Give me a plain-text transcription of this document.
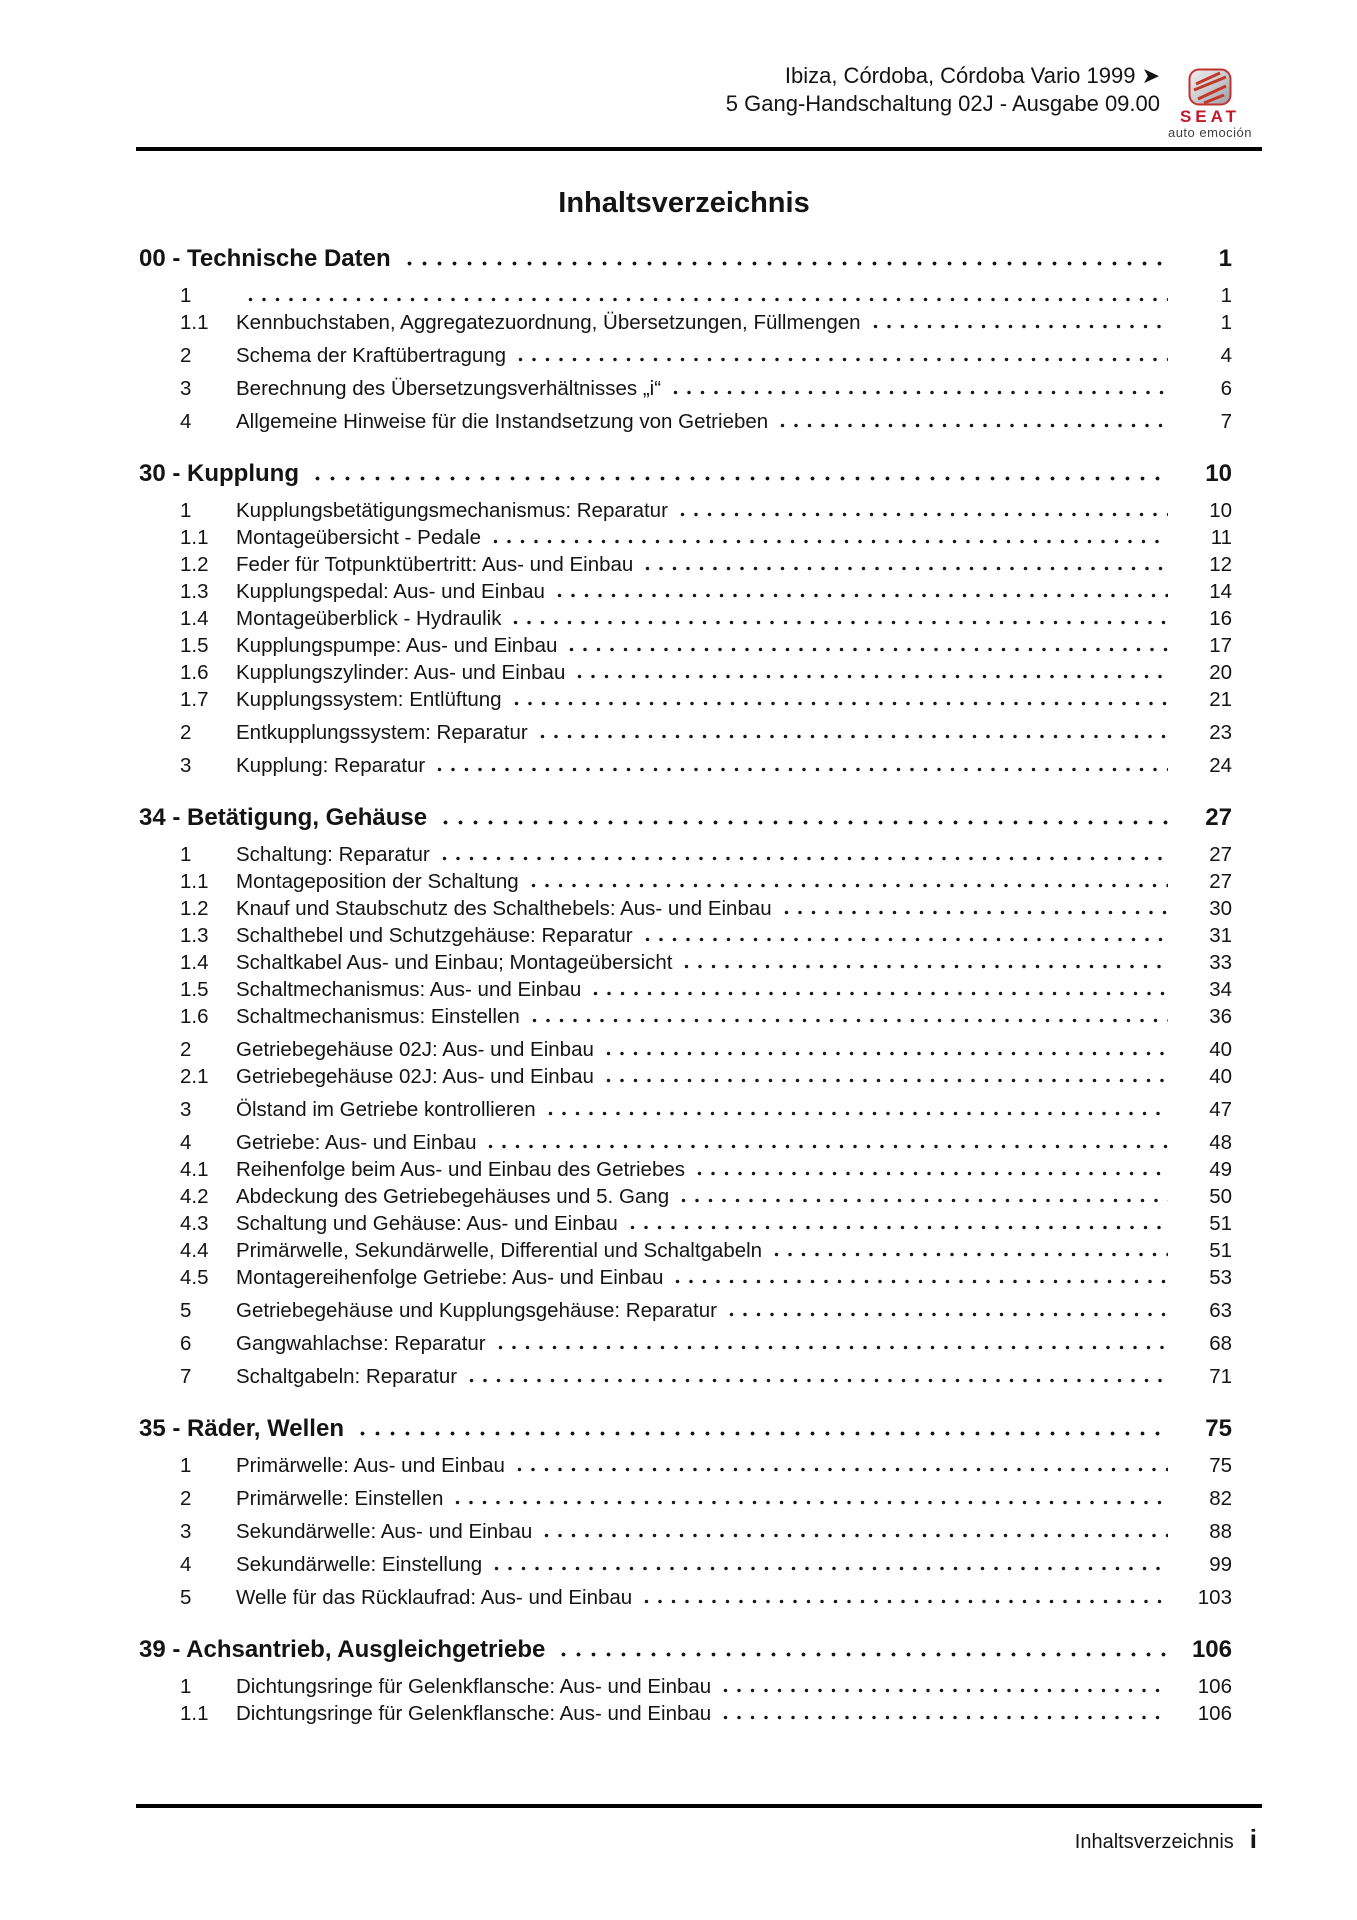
Ibiza, Córdoba, Córdoba Vario 1999 ➤
5 Gang-Handschaltung 02J - Ausgabe 09.00
SEAT
auto emoción
Inhaltsverzeichnis
00 - Technische Daten	1
1	1
1.1	Kennbuchstaben, Aggregatezuordnung, Übersetzungen, Füllmengen	1
2	Schema der Kraftübertragung	4
3	Berechnung des Übersetzungsverhältnisses „i“	6
4	Allgemeine Hinweise für die Instandsetzung von Getrieben	7
30 - Kupplung	10
1	Kupplungsbetätigungsmechanismus: Reparatur	10
1.1	Montageübersicht - Pedale	11
1.2	Feder für Totpunktübertritt: Aus- und Einbau	12
1.3	Kupplungspedal: Aus- und Einbau	14
1.4	Montageüberblick - Hydraulik	16
1.5	Kupplungspumpe: Aus- und Einbau	17
1.6	Kupplungszylinder: Aus- und Einbau	20
1.7	Kupplungssystem: Entlüftung	21
2	Entkupplungssystem: Reparatur	23
3	Kupplung: Reparatur	24
34 - Betätigung, Gehäuse	27
1	Schaltung: Reparatur	27
1.1	Montageposition der Schaltung	27
1.2	Knauf und Staubschutz des Schalthebels: Aus- und Einbau	30
1.3	Schalthebel und Schutzgehäuse: Reparatur	31
1.4	Schaltkabel Aus- und Einbau; Montageübersicht	33
1.5	Schaltmechanismus: Aus- und Einbau	34
1.6	Schaltmechanismus: Einstellen	36
2	Getriebegehäuse 02J: Aus- und Einbau	40
2.1	Getriebegehäuse 02J: Aus- und Einbau	40
3	Ölstand im Getriebe kontrollieren	47
4	Getriebe: Aus- und Einbau	48
4.1	Reihenfolge beim Aus- und Einbau des Getriebes	49
4.2	Abdeckung des Getriebegehäuses und 5. Gang	50
4.3	Schaltung und Gehäuse: Aus- und Einbau	51
4.4	Primärwelle, Sekundärwelle, Differential und Schaltgabeln	51
4.5	Montagereihenfolge Getriebe: Aus- und Einbau	53
5	Getriebegehäuse und Kupplungsgehäuse: Reparatur	63
6	Gangwahlachse: Reparatur	68
7	Schaltgabeln: Reparatur	71
35 - Räder, Wellen	75
1	Primärwelle: Aus- und Einbau	75
2	Primärwelle: Einstellen	82
3	Sekundärwelle: Aus- und Einbau	88
4	Sekundärwelle: Einstellung	99
5	Welle für das Rücklaufrad: Aus- und Einbau	103
39 - Achsantrieb, Ausgleichgetriebe	106
1	Dichtungsringe für Gelenkflansche: Aus- und Einbau	106
1.1	Dichtungsringe für Gelenkflansche: Aus- und Einbau	106
Inhaltsverzeichnis i
